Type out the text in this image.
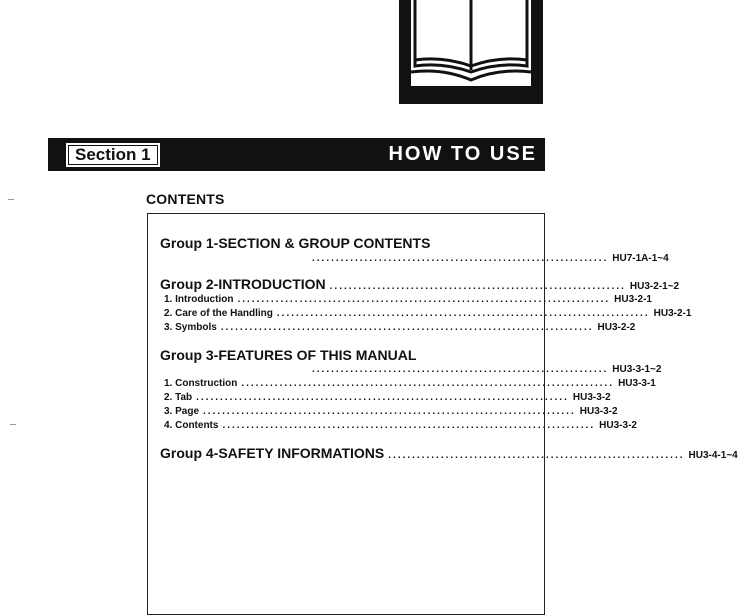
Section 1	HOW TO USE
CONTENTS
Group 1-SECTION & GROUP CONTENTS
.............................................................. HU7-1A-1~4
Group 2-INTRODUCTION .............................................................. HU3-2-1~2
1. Introduction .............................................................................. HU3-2-1
2. Care of the Handling .............................................................................. HU3-2-1
3. Symbols .............................................................................. HU3-2-2
Group 3-FEATURES OF THIS MANUAL
.............................................................. HU3-3-1~2
1. Construction .............................................................................. HU3-3-1
2. Tab .............................................................................. HU3-3-2
3. Page .............................................................................. HU3-3-2
4. Contents .............................................................................. HU3-3-2
Group 4-SAFETY INFORMATIONS .............................................................. HU3-4-1~4
